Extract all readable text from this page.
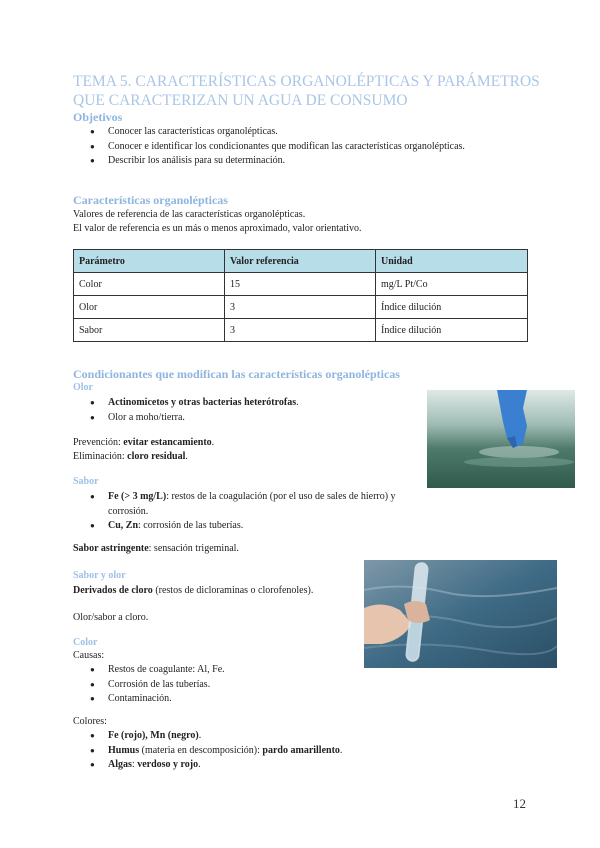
TEMA 5. CARACTERÍSTICAS ORGANOLÉPTICAS Y PARÁMETROS QUE CARACTERIZAN UN AGUA DE CONSUMO
Objetivos
● Conocer las características organolépticas.
● Conocer e identificar los condicionantes que modifican las características organolépticas.
● Describir los análisis para su determinación.
Características organolépticas
Valores de referencia de las características organolépticas.
El valor de referencia es un más o menos aproximado, valor orientativo.
Parámetro	Valor referencia	Unidad
Color	15	mg/L Pt/Co
Olor	3	Índice dilución
Sabor	3	Índice dilución
Condicionantes que modifican las características organolépticas
Olor
● Actinomicetos y otras bacterias heterótrofas.
● Olor a moho/tierra.
Prevención: evitar estancamiento.
Eliminación: cloro residual.
Sabor
● Fe (> 3 mg/L): restos de la coagulación (por el uso de sales de hierro) y corrosión.
● Cu, Zn: corrosión de las tuberías.
Sabor astringente: sensación trigeminal.
Sabor y olor
Derivados de cloro (restos de dicloraminas o clorofenoles).
Olor/sabor a cloro.
Color
Causas:
● Restos de coagulante: Al, Fe.
● Corrosión de las tuberías.
● Contaminación.
Colores:
● Fe (rojo), Mn (negro).
● Humus (materia en descomposición): pardo amarillento.
● Algas: verdoso y rojo.
12
